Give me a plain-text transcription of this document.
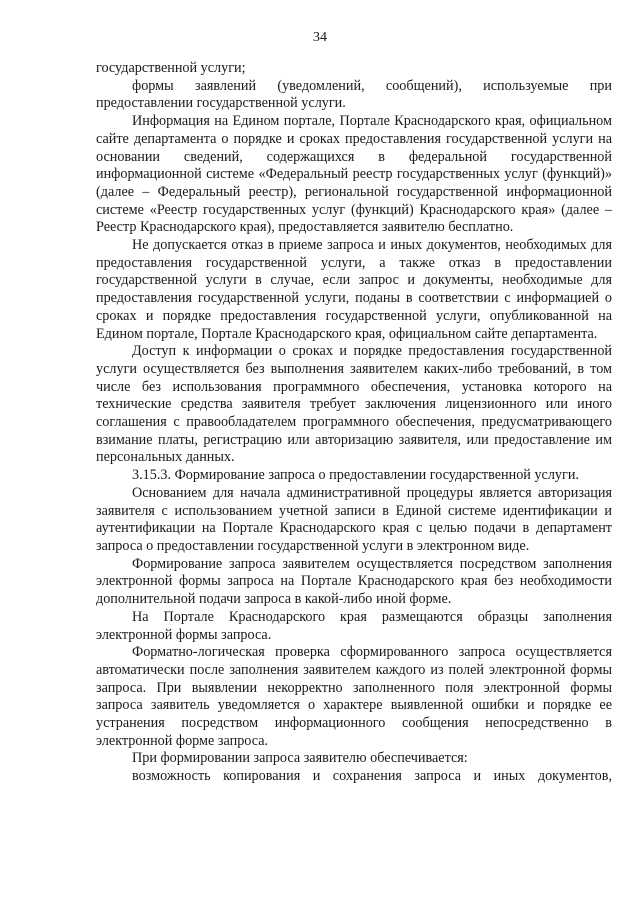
34

государственной услуги;

формы заявлений (уведомлений, сообщений), используемые при предоставлении государственной услуги.

Информация на Едином портале, Портале Краснодарского края, официальном сайте департамента о порядке и сроках предоставления государственной услуги на основании сведений, содержащихся в федеральной государственной информационной системе «Федеральный реестр государственных услуг (функций)» (далее – Федеральный реестр), региональной государственной информационной системе «Реестр государственных услуг (функций) Краснодарского края» (далее – Реестр Краснодарского края), предоставляется заявителю бесплатно.

Не допускается отказ в приеме запроса и иных документов, необходимых для предоставления государственной услуги, а также отказ в предоставлении государственной услуги в случае, если запрос и документы, необходимые для предоставления государственной услуги, поданы в соответствии с информацией о сроках и порядке предоставления государственной услуги, опубликованной на Едином портале, Портале Краснодарского края, официальном сайте департамента.

Доступ к информации о сроках и порядке предоставления государственной услуги осуществляется без выполнения заявителем каких-либо требований, в том числе без использования программного обеспечения, установка которого на технические средства заявителя требует заключения лицензионного или иного соглашения с правообладателем программного обеспечения, предусматривающего взимание платы, регистрацию или авторизацию заявителя, или предоставление им персональных данных.

3.15.3. Формирование запроса о предоставлении государственной услуги.

Основанием для начала административной процедуры является авторизация заявителя с использованием учетной записи в Единой системе идентификации и аутентификации на Портале Краснодарского края с целью подачи в департамент запроса о предоставлении государственной услуги в электронном виде.

Формирование запроса заявителем осуществляется посредством заполнения электронной формы запроса на Портале Краснодарского края без необходимости дополнительной подачи запроса в какой-либо иной форме.

На Портале Краснодарского края размещаются образцы заполнения электронной формы запроса.

Форматно-логическая проверка сформированного запроса осуществляется автоматически после заполнения заявителем каждого из полей электронной формы запроса. При выявлении некорректно заполненного поля электронной формы запроса заявитель уведомляется о характере выявленной ошибки и порядке ее устранения посредством информационного сообщения непосредственно в электронной форме запроса.

При формировании запроса заявителю обеспечивается:

возможность копирования и сохранения запроса и иных документов,
